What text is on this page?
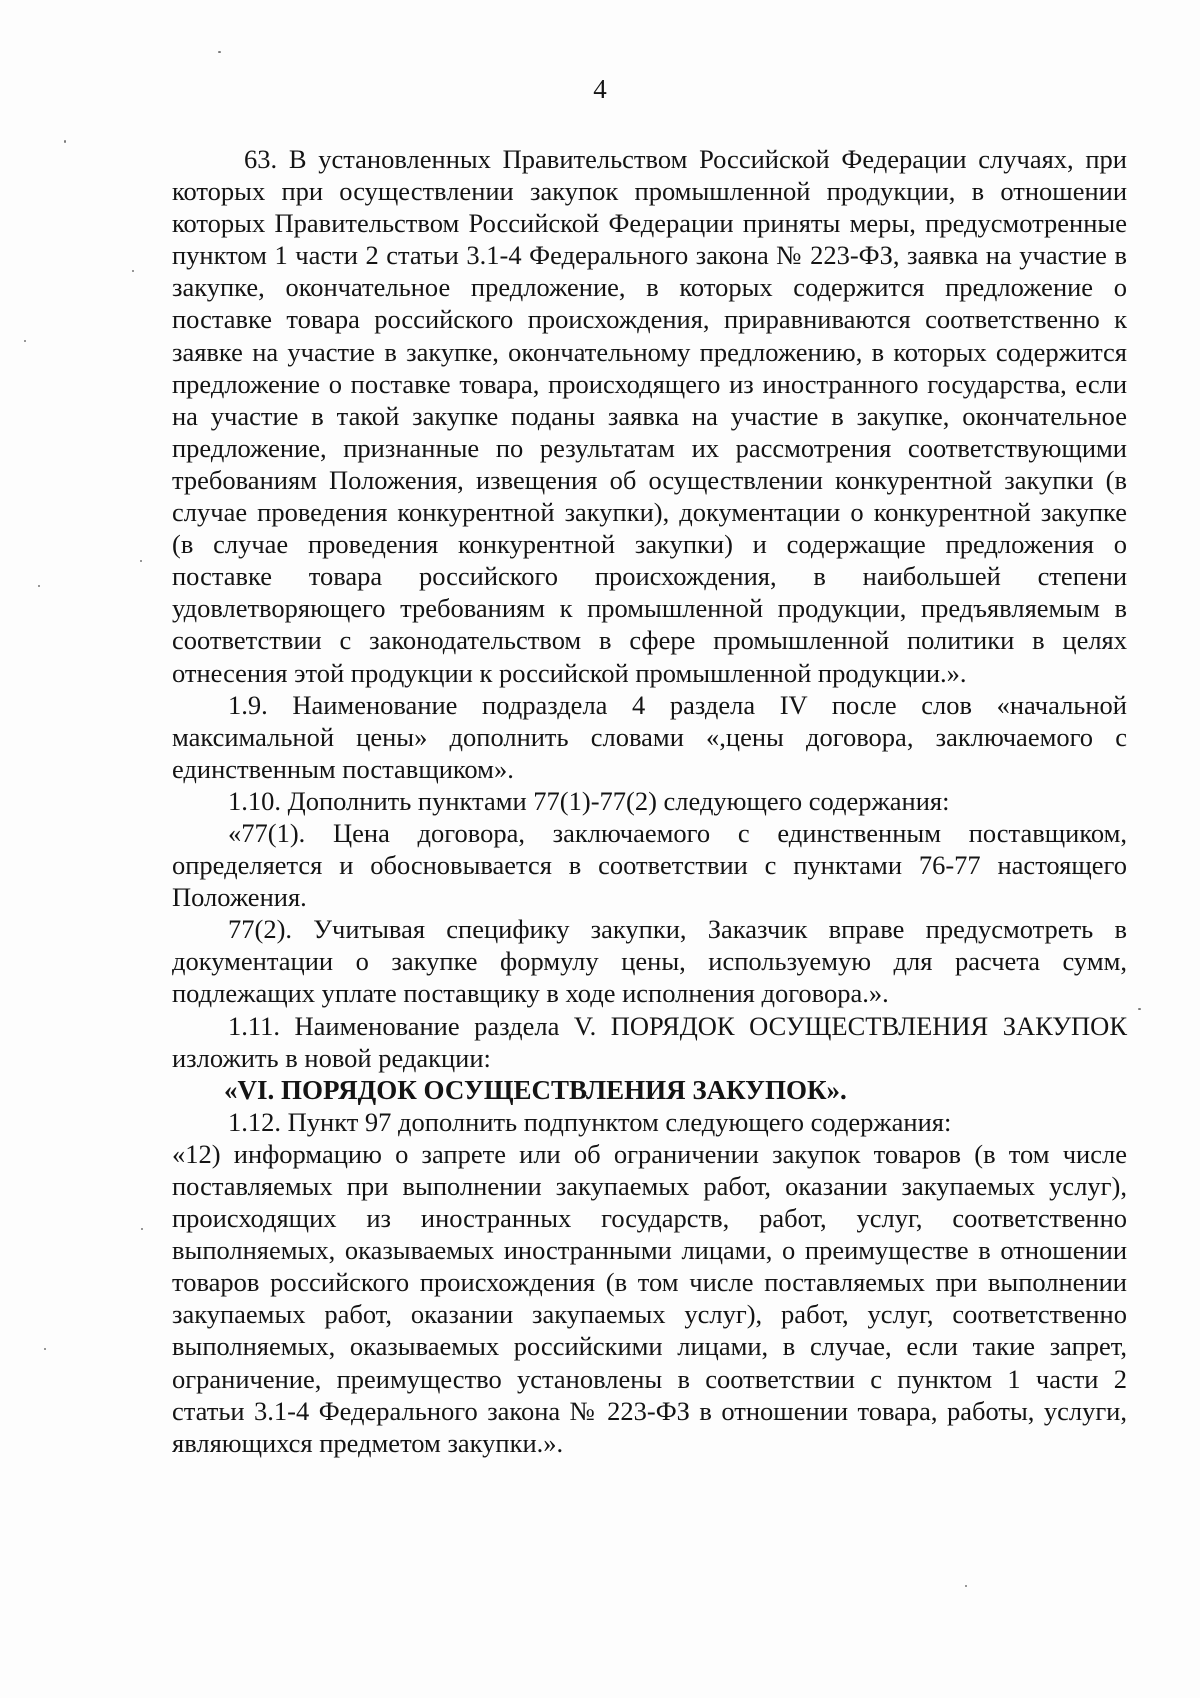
4

63. В установленных Правительством Российской Федерации случаях, при которых при осуществлении закупок промышленной продукции, в отношении которых Правительством Российской Федерации приняты меры, предусмотренные пунктом 1 части 2 статьи 3.1-4 Федерального закона № 223-ФЗ, заявка на участие в закупке, окончательное предложение, в которых содержится предложение о поставке товара российского происхождения, приравниваются соответственно к заявке на участие в закупке, окончательному предложению, в которых содержится предложение о поставке товара, происходящего из иностранного государства, если на участие в такой закупке поданы заявка на участие в закупке, окончательное предложение, признанные по результатам их рассмотрения соответствующими требованиям Положения, извещения об осуществлении конкурентной закупки (в случае проведения конкурентной закупки), документации о конкурентной закупке (в случае проведения конкурентной закупки) и содержащие предложения о поставке товара российского происхождения, в наибольшей степени удовлетворяющего требованиям к промышленной продукции, предъявляемым в соответствии с законодательством в сфере промышленной политики в целях отнесения этой продукции к российской промышленной продукции.».

1.9. Наименование подраздела 4 раздела IV после слов «начальной максимальной цены» дополнить словами «,цены договора, заключаемого с единственным поставщиком».

1.10. Дополнить пунктами 77(1)-77(2) следующего содержания:

«77(1). Цена договора, заключаемого с единственным поставщиком, определяется и обосновывается в соответствии с пунктами 76-77 настоящего Положения.

77(2). Учитывая специфику закупки, Заказчик вправе предусмотреть в документации о закупке формулу цены, используемую для расчета сумм, подлежащих уплате поставщику в ходе исполнения договора.».

1.11. Наименование раздела V. ПОРЯДОК ОСУЩЕСТВЛЕНИЯ ЗАКУПОК изложить в новой редакции:

«VI. ПОРЯДОК ОСУЩЕСТВЛЕНИЯ ЗАКУПОК».

1.12. Пункт 97 дополнить подпунктом следующего содержания:

«12) информацию о запрете или об ограничении закупок товаров (в том числе поставляемых при выполнении закупаемых работ, оказании закупаемых услуг), происходящих из иностранных государств, работ, услуг, соответственно выполняемых, оказываемых иностранными лицами, о преимуществе в отношении товаров российского происхождения (в том числе поставляемых при выполнении закупаемых работ, оказании закупаемых услуг), работ, услуг, соответственно выполняемых, оказываемых российскими лицами, в случае, если такие запрет, ограничение, преимущество установлены в соответствии с пунктом 1 части 2 статьи 3.1-4 Федерального закона № 223-ФЗ в отношении товара, работы, услуги, являющихся предметом закупки.».
